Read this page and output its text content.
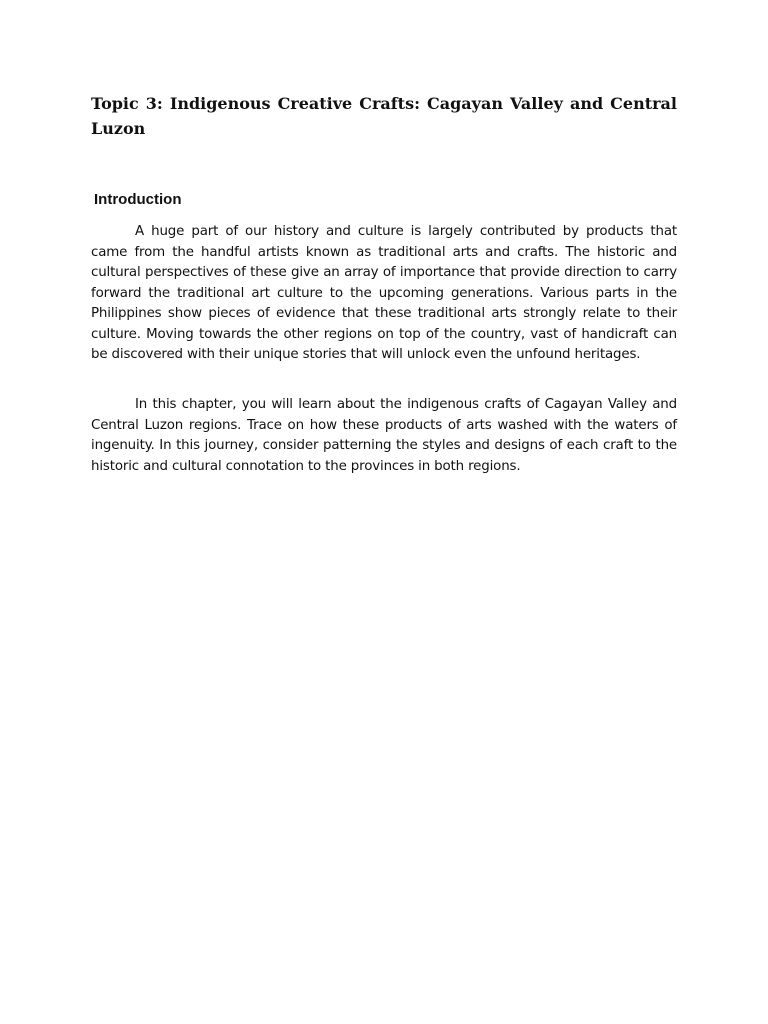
Topic 3: Indigenous Creative Crafts: Cagayan Valley and Central Luzon
Introduction

A huge part of our history and culture is largely contributed by products that came from the handful artists known as traditional arts and crafts. The historic and cultural perspectives of these give an array of importance that provide direction to carry forward the traditional art culture to the upcoming generations. Various parts in the Philippines show pieces of evidence that these traditional arts strongly relate to their culture. Moving towards the other regions on top of the country, vast of handicraft can be discovered with their unique stories that will unlock even the unfound heritages.

In this chapter, you will learn about the indigenous crafts of Cagayan Valley and Central Luzon regions. Trace on how these products of arts washed with the waters of ingenuity. In this journey, consider patterning the styles and designs of each craft to the historic and cultural connotation to the provinces in both regions.
